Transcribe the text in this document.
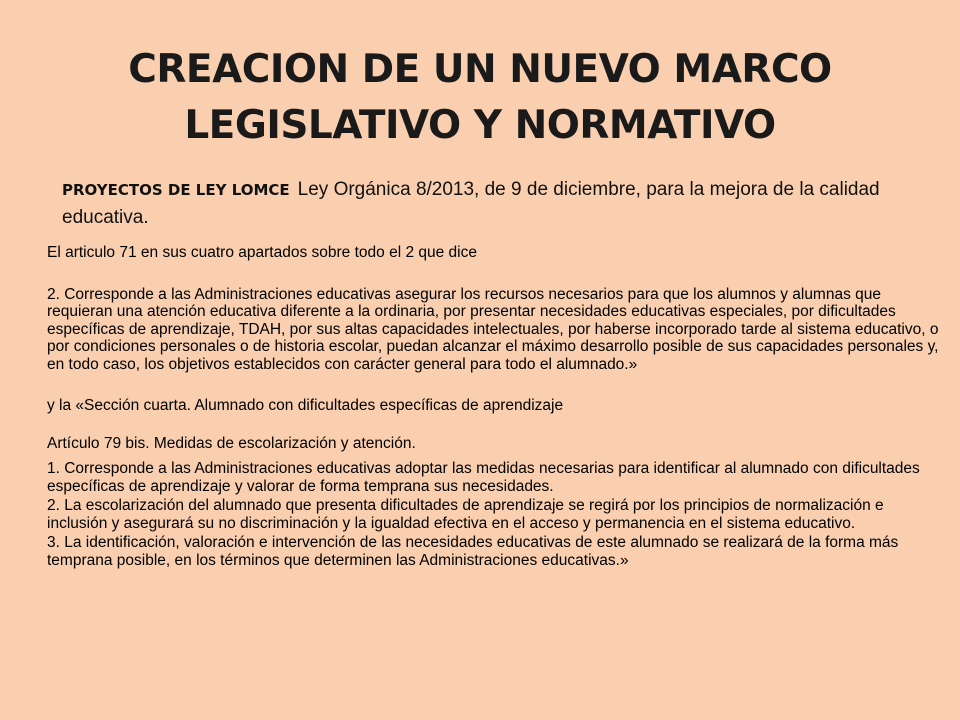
CREACION DE UN NUEVO MARCO
LEGISLATIVO Y NORMATIVO
PROYECTOS DE LEY LOMCE Ley Orgánica 8/2013, de 9 de diciembre, para la mejora de la calidad educativa.

El articulo 71 en sus cuatro apartados sobre todo el 2 que dice

2. Corresponde a las Administraciones educativas asegurar los recursos necesarios para que los alumnos y alumnas que requieran una atención educativa diferente a la ordinaria, por presentar necesidades educativas especiales, por dificultades específicas de aprendizaje, TDAH, por sus altas capacidades intelectuales, por haberse incorporado tarde al sistema educativo, o por condiciones personales o de historia escolar, puedan alcanzar el máximo desarrollo posible de sus capacidades personales y, en todo caso, los objetivos establecidos con carácter general para todo el alumnado.»

y la «Sección cuarta. Alumnado con dificultades específicas de aprendizaje

Artículo 79 bis. Medidas de escolarización y atención.

1. Corresponde a las Administraciones educativas adoptar las medidas necesarias para identificar al alumnado con dificultades específicas de aprendizaje y valorar de forma temprana sus necesidades.

2. La escolarización del alumnado que presenta dificultades de aprendizaje se regirá por los principios de normalización e inclusión y asegurará su no discriminación y la igualdad efectiva en el acceso y permanencia en el sistema educativo.

3. La identificación, valoración e intervención de las necesidades educativas de este alumnado se realizará de la forma más temprana posible, en los términos que determinen las Administraciones educativas.»
